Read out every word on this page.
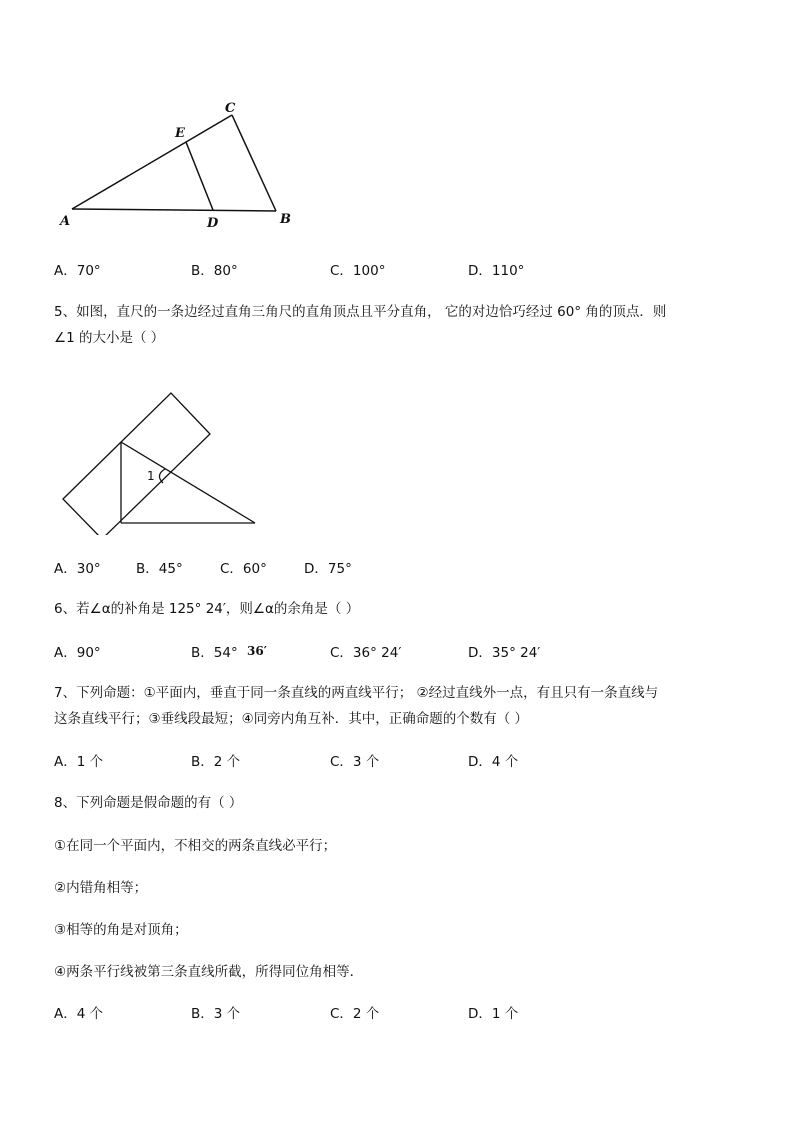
A	B
C
D
E
A．70°	B．80°	C．100°	D．110°
5、如图，直尺的一条边经过直角三角尺的直角顶点且平分直角， 它的对边恰巧经过 60° 角的顶点．则
∠1 的大小是（ ）
1
A．30°	B．45°	C．60°	D．75°
6、若∠α的补角是 125° 24′，则∠α的余角是（ ）
A．90°	B．54° 36′	C．36° 24′	D．35° 24′
7、下列命题：①平面内，垂直于同一条直线的两直线平行； ②经过直线外一点，有且只有一条直线与
这条直线平行；③垂线段最短；④同旁内角互补．其中，正确命题的个数有（ ）
A．1 个	B．2 个	C．3 个	D．4 个
8、下列命题是假命题的有（ ）
①在同一个平面内，不相交的两条直线必平行；
②内错角相等；
③相等的角是对顶角；
④两条平行线被第三条直线所截，所得同位角相等．
A．4 个	B．3 个	C．2 个	D．1 个
